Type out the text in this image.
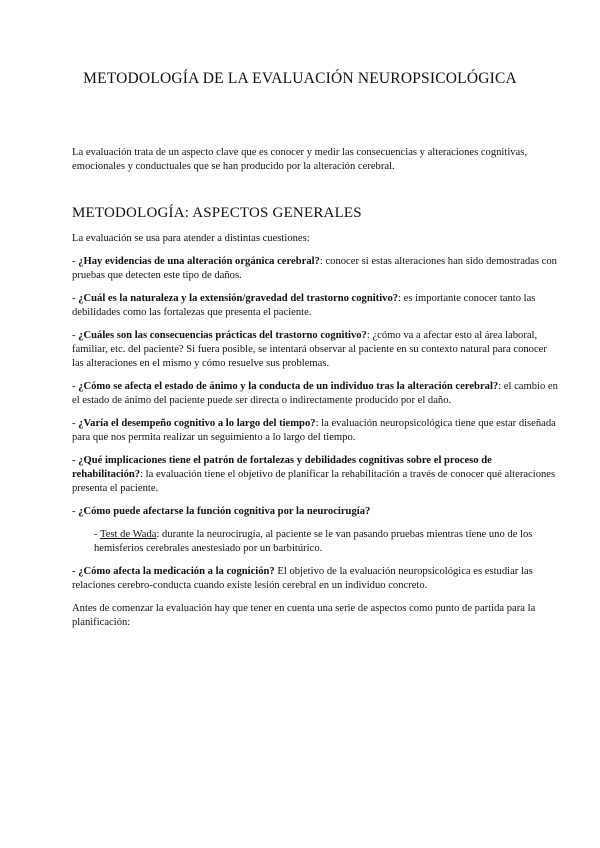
METODOLOGÍA DE LA EVALUACIÓN NEUROPSICOLÓGICA
La evaluación trata de un aspecto clave que es conocer y medir las consecuencias y alteraciones cognitivas, emocionales y conductuales que se han producido por la alteración cerebral.
METODOLOGÍA: ASPECTOS GENERALES

La evaluación se usa para atender a distintas cuestiones:

- ¿Hay evidencias de una alteración orgánica cerebral?: conocer si estas alteraciones han sido demostradas con pruebas que detecten este tipo de daños.

- ¿Cuál es la naturaleza y la extensión/gravedad del trastorno cognitivo?: es importante conocer tanto las debilidades como las fortalezas que presenta el paciente.

- ¿Cuáles son las consecuencias prácticas del trastorno cognitivo?: ¿cómo va a afectar esto al área laboral, familiar, etc. del paciente? Si fuera posible, se intentará observar al paciente en su contexto natural para conocer las alteraciones en el mismo y cómo resuelve sus problemas.

- ¿Cómo se afecta el estado de ánimo y la conducta de un individuo tras la alteración cerebral?: el cambio en el estado de ánimo del paciente puede ser directa o indirectamente producido por el daño.

- ¿Varía el desempeño cognitivo a lo largo del tiempo?: la evaluación neuropsicológica tiene que estar diseñada para que nos permita realizar un seguimiento a lo largo del tiempo.

- ¿Qué implicaciones tiene el patrón de fortalezas y debilidades cognitivas sobre el proceso de rehabilitación?: la evaluación tiene el objetivo de planificar la rehabilitación a través de conocer qué alteraciones presenta el paciente.

- ¿Cómo puede afectarse la función cognitiva por la neurocirugía?

- Test de Wada: durante la neurocirugía, al paciente se le van pasando pruebas mientras tiene uno de los hemisferios cerebrales anestesiado por un barbitúrico.

- ¿Cómo afecta la medicación a la cognición? El objetivo de la evaluación neuropsicológica es estudiar las relaciones cerebro-conducta cuando existe lesión cerebral en un individuo concreto.

Antes de comenzar la evaluación hay que tener en cuenta una serie de aspectos como punto de partida para la planificación:
